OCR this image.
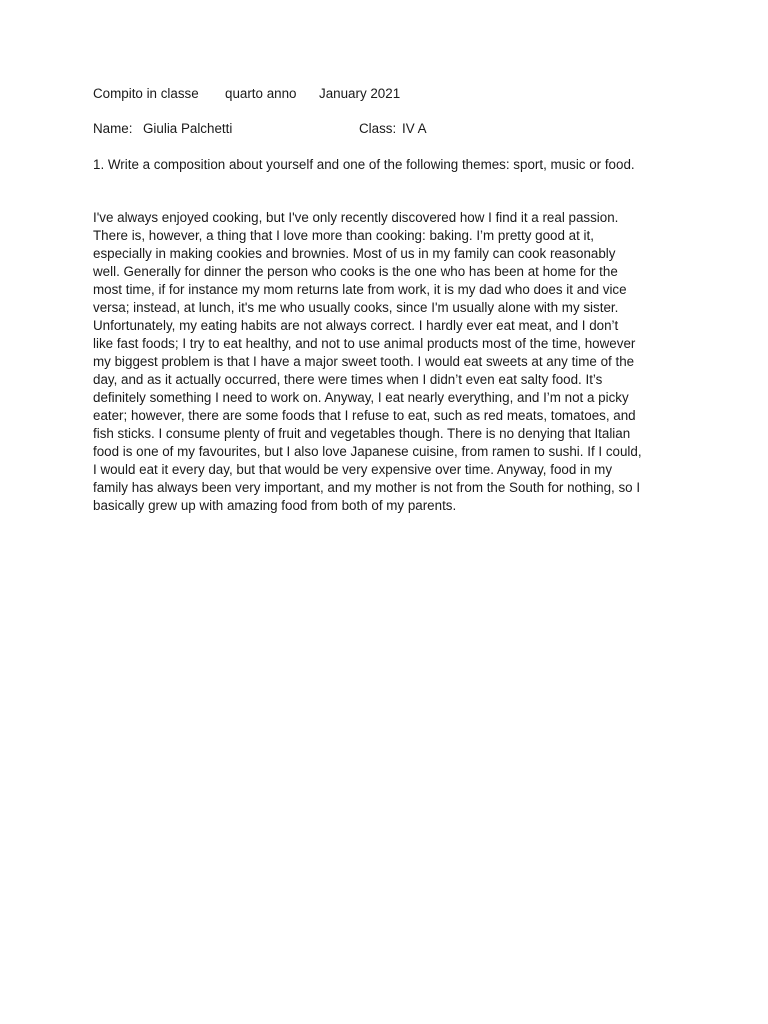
Compito in classe

quarto anno

January 2021

Name:

Giulia Palchetti

	Class:

IV A

1. Write a composition about yourself and one of the following themes: sport, music or food.
I've always enjoyed cooking, but I've only recently discovered how I find it a real passion.
There is, however, a thing that I love more than cooking: baking. I’m pretty good at it,
especially in making cookies and brownies. Most of us in my family can cook reasonably
well. Generally for dinner the person who cooks is the one who has been at home for the
most time, if for instance my mom returns late from work, it is my dad who does it and vice
versa; instead, at lunch, it's me who usually cooks, since I'm usually alone with my sister.
Unfortunately, my eating habits are not always correct. I hardly ever eat meat, and I don’t
like fast foods; I try to eat healthy, and not to use animal products most of the time, however
my biggest problem is that I have a major sweet tooth. I would eat sweets at any time of the
day, and as it actually occurred, there were times when I didn’t even eat salty food. It’s
definitely something I need to work on. Anyway, I eat nearly everything, and I’m not a picky
eater; however, there are some foods that I refuse to eat, such as red meats, tomatoes, and
fish sticks. I consume plenty of fruit and vegetables though. There is no denying that Italian
food is one of my favourites, but I also love Japanese cuisine, from ramen to sushi. If I could,
I would eat it every day, but that would be very expensive over time. Anyway, food in my
family has always been very important, and my mother is not from the South for nothing, so I
basically grew up with amazing food from both of my parents.
